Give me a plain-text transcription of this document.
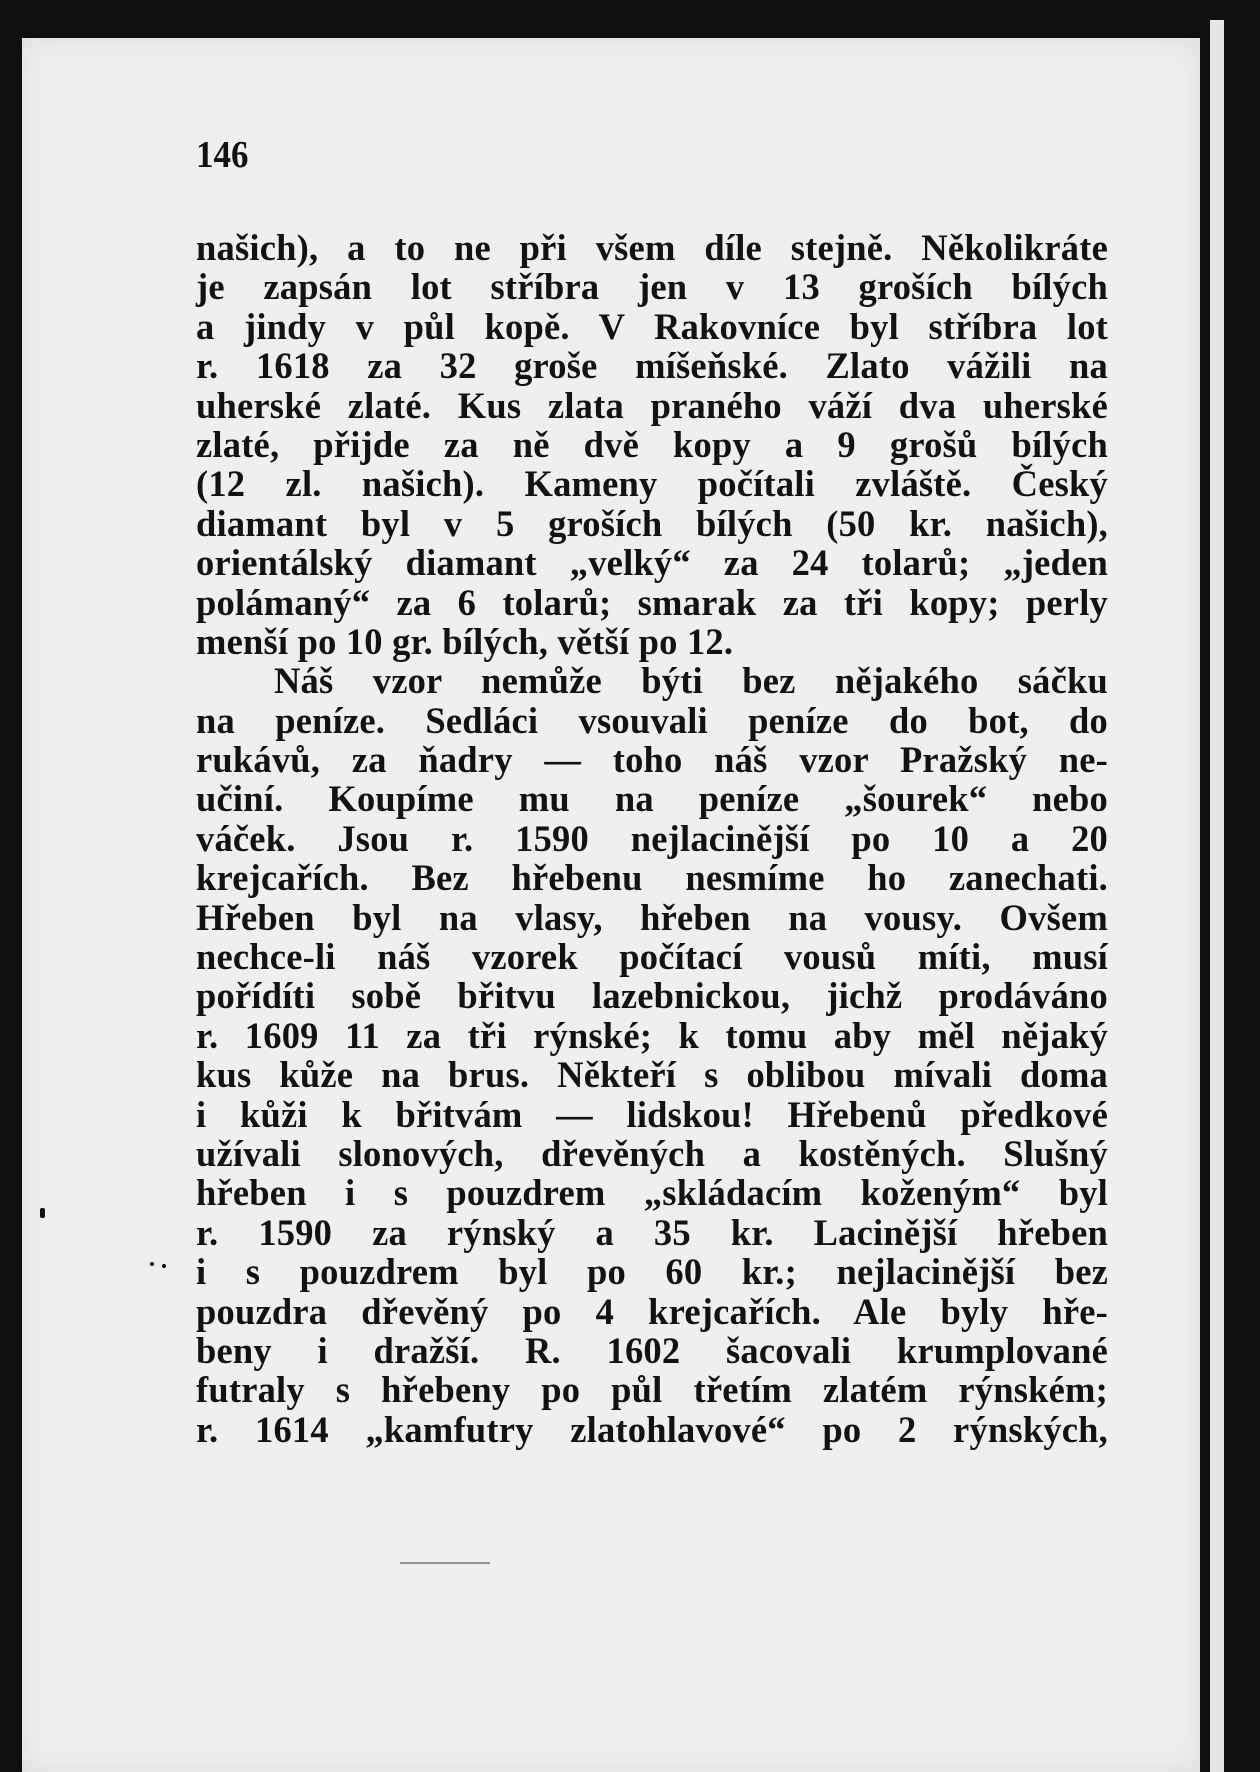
146
našich), a to ne při všem díle stejně. Několikráte
je zapsán lot stříbra jen v 13 groších bílých
a jindy v půl kopě. V Rakovníce byl stříbra lot
r. 1618 za 32 groše míšeňské. Zlato vážili na
uherské zlaté. Kus zlata praného váží dva uherské
zlaté, přijde za ně dvě kopy a 9 grošů bílých
(12 zl. našich). Kameny počítali zvláště. Český
diamant byl v 5 groších bílých (50 kr. našich),
orientálský diamant „velký“ za 24 tolarů; „jeden
polámaný“ za 6 tolarů; smarak za tři kopy; perly
menší po 10 gr. bílých, větší po 12.
Náš vzor nemůže býti bez nějakého sáčku
na peníze. Sedláci vsouvali peníze do bot, do
rukávů, za ňadry — toho náš vzor Pražský ne-
učiní. Koupíme mu na peníze „šourek“ nebo
váček. Jsou r. 1590 nejlacinější po 10 a 20
krejcařích. Bez hřebenu nesmíme ho zanechati.
Hřeben byl na vlasy, hřeben na vousy. Ovšem
nechce-li náš vzorek počítací vousů míti, musí
pořídíti sobě břitvu lazebnickou, jichž prodáváno
r. 1609 11 za tři rýnské; k tomu aby měl nějaký
kus kůže na brus. Někteří s oblibou mívali doma
i kůži k břitvám — lidskou! Hřebenů předkové
užívali slonových, dřevěných a kostěných. Slušný
hřeben i s pouzdrem „skládacím koženým“ byl
r. 1590 za rýnský a 35 kr. Lacinější hřeben
i s pouzdrem byl po 60 kr.; nejlacinější bez
pouzdra dřevěný po 4 krejcařích. Ale byly hře-
beny i dražší. R. 1602 šacovali krumplované
futraly s hřebeny po půl třetím zlatém rýnském;
r. 1614 „kamfutry zlatohlavové“ po 2 rýnských,
